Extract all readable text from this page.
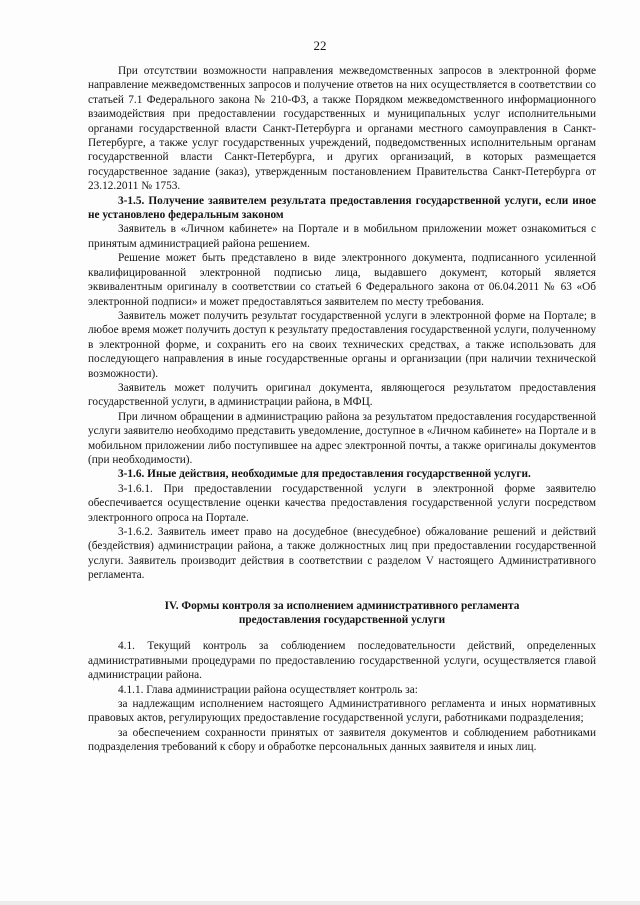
22

При отсутствии возможности направления межведомственных запросов в электронной форме направление межведомственных запросов и получение ответов на них осуществляется в соответствии со статьей 7.1 Федерального закона № 210-ФЗ, а также Порядком межведомственного информационного взаимодействия при предоставлении государственных и муниципальных услуг исполнительными органами государственной власти Санкт-Петербурга и органами местного самоуправления в Санкт-Петербурге, а также услуг государственных учреждений, подведомственных исполнительным органам государственной власти Санкт-Петербурга, и других организаций, в которых размещается государственное задание (заказ), утвержденным постановлением Правительства Санкт-Петербурга от 23.12.2011 № 1753.

3-1.5. Получение заявителем результата предоставления государственной услуги, если иное не установлено федеральным законом

Заявитель в «Личном кабинете» на Портале и в мобильном приложении может ознакомиться с принятым администрацией района решением.

Решение может быть представлено в виде электронного документа, подписанного усиленной квалифицированной электронной подписью лица, выдавшего документ, который является эквивалентным оригиналу в соответствии со статьей 6 Федерального закона от 06.04.2011 № 63 «Об электронной подписи» и может предоставляться заявителем по месту требования.

Заявитель может получить результат государственной услуги в электронной форме на Портале; в любое время может получить доступ к результату предоставления государственной услуги, полученному в электронной форме, и сохранить его на своих технических средствах, а также использовать для последующего направления в иные государственные органы и организации (при наличии технической возможности).

Заявитель может получить оригинал документа, являющегося результатом предоставления государственной услуги, в администрации района, в МФЦ.

При личном обращении в администрацию района за результатом предоставления государственной услуги заявителю необходимо представить уведомление, доступное в «Личном кабинете» на Портале и в мобильном приложении либо поступившее на адрес электронной почты, а также оригиналы документов (при необходимости).

3-1.6. Иные действия, необходимые для предоставления государственной услуги.

3-1.6.1. При предоставлении государственной услуги в электронной форме заявителю обеспечивается осуществление оценки качества предоставления государственной услуги посредством электронного опроса на Портале.

3-1.6.2. Заявитель имеет право на досудебное (внесудебное) обжалование решений и действий (бездействия) администрации района, а также должностных лиц при предоставлении государственной услуги. Заявитель производит действия в соответствии с разделом V настоящего Административного регламента.

IV. Формы контроля за исполнением административного регламента
предоставления государственной услуги

4.1. Текущий контроль за соблюдением последовательности действий, определенных административными процедурами по предоставлению государственной услуги, осуществляется главой администрации района.

4.1.1. Глава администрации района осуществляет контроль за:

за надлежащим исполнением настоящего Административного регламента и иных нормативных правовых актов, регулирующих предоставление государственной услуги, работниками подразделения;

за обеспечением сохранности принятых от заявителя документов и соблюдением работниками подразделения требований к сбору и обработке персональных данных заявителя и иных лиц.
